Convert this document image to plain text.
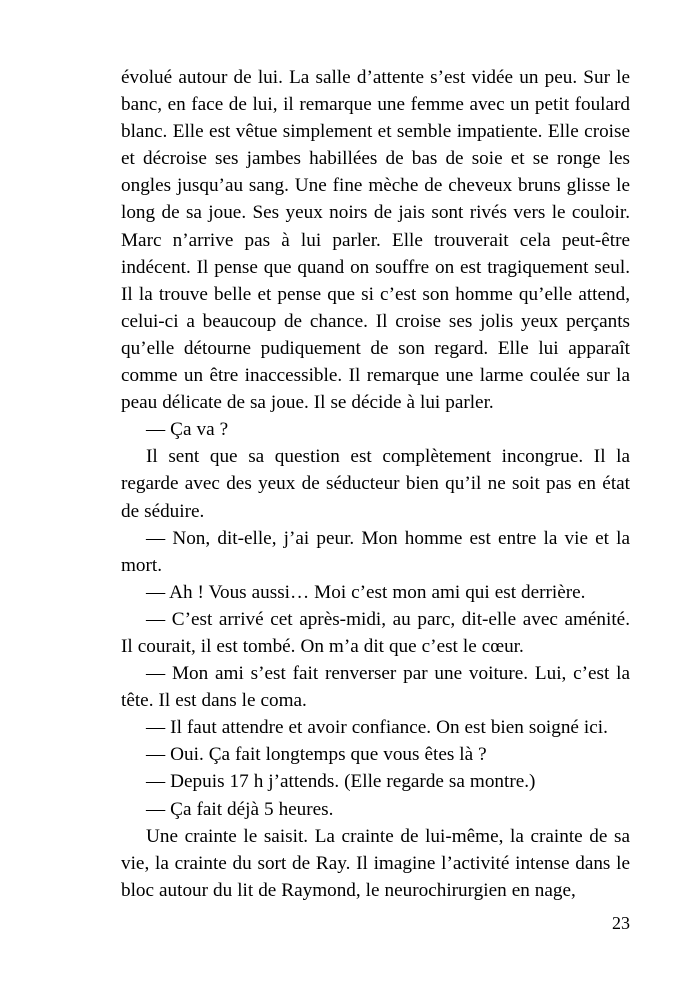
évolué autour de lui. La salle d’attente s’est vidée un peu. Sur le banc, en face de lui, il remarque une femme avec un petit foulard blanc. Elle est vêtue simplement et semble impatiente. Elle croise et décroise ses jambes habillées de bas de soie et se ronge les ongles jusqu’au sang. Une fine mèche de cheveux bruns glisse le long de sa joue. Ses yeux noirs de jais sont rivés vers le couloir. Marc n’arrive pas à lui parler. Elle trouverait cela peut-être indécent. Il pense que quand on souffre on est tragiquement seul. Il la trouve belle et pense que si c’est son homme qu’elle attend, celui-ci a beaucoup de chance. Il croise ses jolis yeux perçants qu’elle détourne pudiquement de son regard. Elle lui apparaît comme un être inaccessible. Il remarque une larme coulée sur la peau délicate de sa joue. Il se décide à lui parler.

— Ça va ?

Il sent que sa question est complètement incongrue. Il la regarde avec des yeux de séducteur bien qu’il ne soit pas en état de séduire.

— Non, dit-elle, j’ai peur. Mon homme est entre la vie et la mort.

— Ah ! Vous aussi… Moi c’est mon ami qui est derrière.

— C’est arrivé cet après-midi, au parc, dit-elle avec aménité. Il courait, il est tombé. On m’a dit que c’est le cœur.

— Mon ami s’est fait renverser par une voiture. Lui, c’est la tête. Il est dans le coma.

— Il faut attendre et avoir confiance. On est bien soigné ici.

— Oui. Ça fait longtemps que vous êtes là ?

— Depuis 17 h j’attends. (Elle regarde sa montre.)

— Ça fait déjà 5 heures.

Une crainte le saisit. La crainte de lui-même, la crainte de sa vie, la crainte du sort de Ray. Il imagine l’activité intense dans le bloc autour du lit de Raymond, le neurochirurgien en nage,

23
